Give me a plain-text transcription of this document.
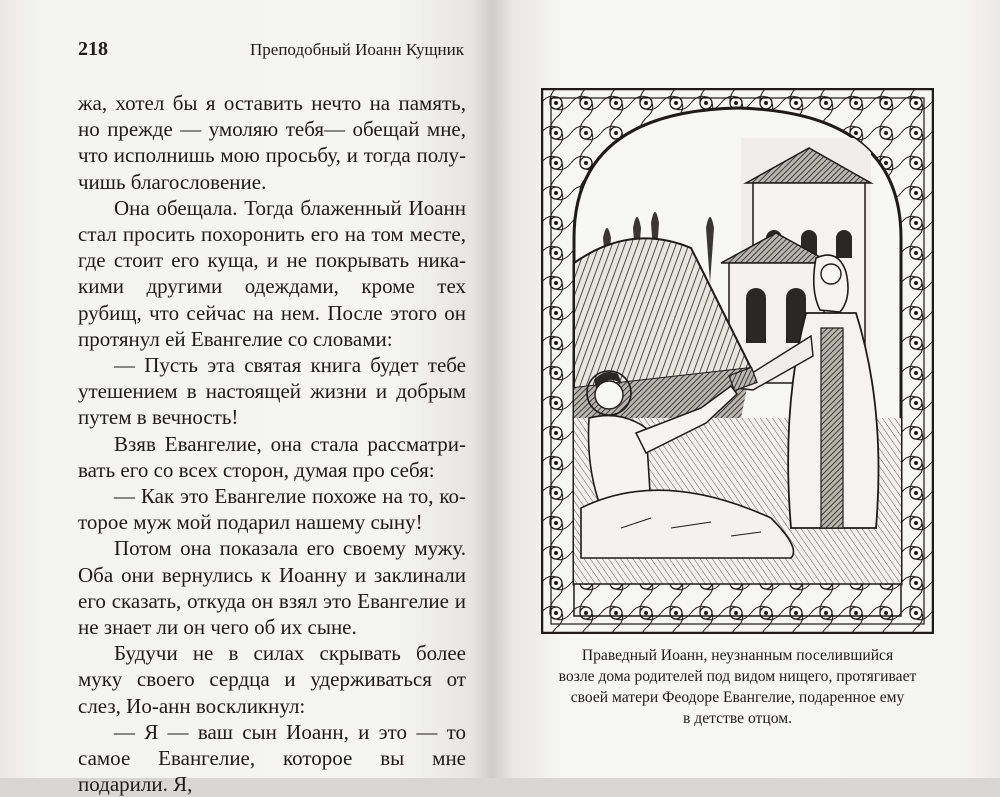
218	Преподобный Иоанн Кущник

жа, хотел бы я оставить нечто на память, но прежде — умоляю тебя— обещай мне, что исполнишь мою просьбу, и тогда полу-чишь благословение.

Она обещала. Тогда блаженный Иоанн стал просить похоронить его на том месте, где стоит его куща, и не покрывать ника-кими другими одеждами, кроме тех рубищ, что сейчас на нем. После этого он протянул ей Евангелие со словами:

— Пусть эта святая книга будет тебе утешением в настоящей жизни и добрым путем в вечность!

Взяв Евангелие, она стала рассматри-вать его со всех сторон, думая про себя:

— Как это Евангелие похоже на то, ко-торое муж мой подарил нашему сыну!

Потом она показала его своему мужу. Оба они вернулись к Иоанну и заклинали его сказать, откуда он взял это Евангелие и не знает ли он чего об их сыне.

Будучи не в силах скрывать более муку своего сердца и удерживаться от слез, Ио-анн воскликнул:

— Я — ваш сын Иоанн, и это — то самое Евангелие, которое вы мне подарили. Я,

Праведный Иоанн, неузнанным поселившийся
возле дома родителей под видом нищего, протягивает
своей матери Феодоре Евангелие, подаренное ему
в детстве отцом.
